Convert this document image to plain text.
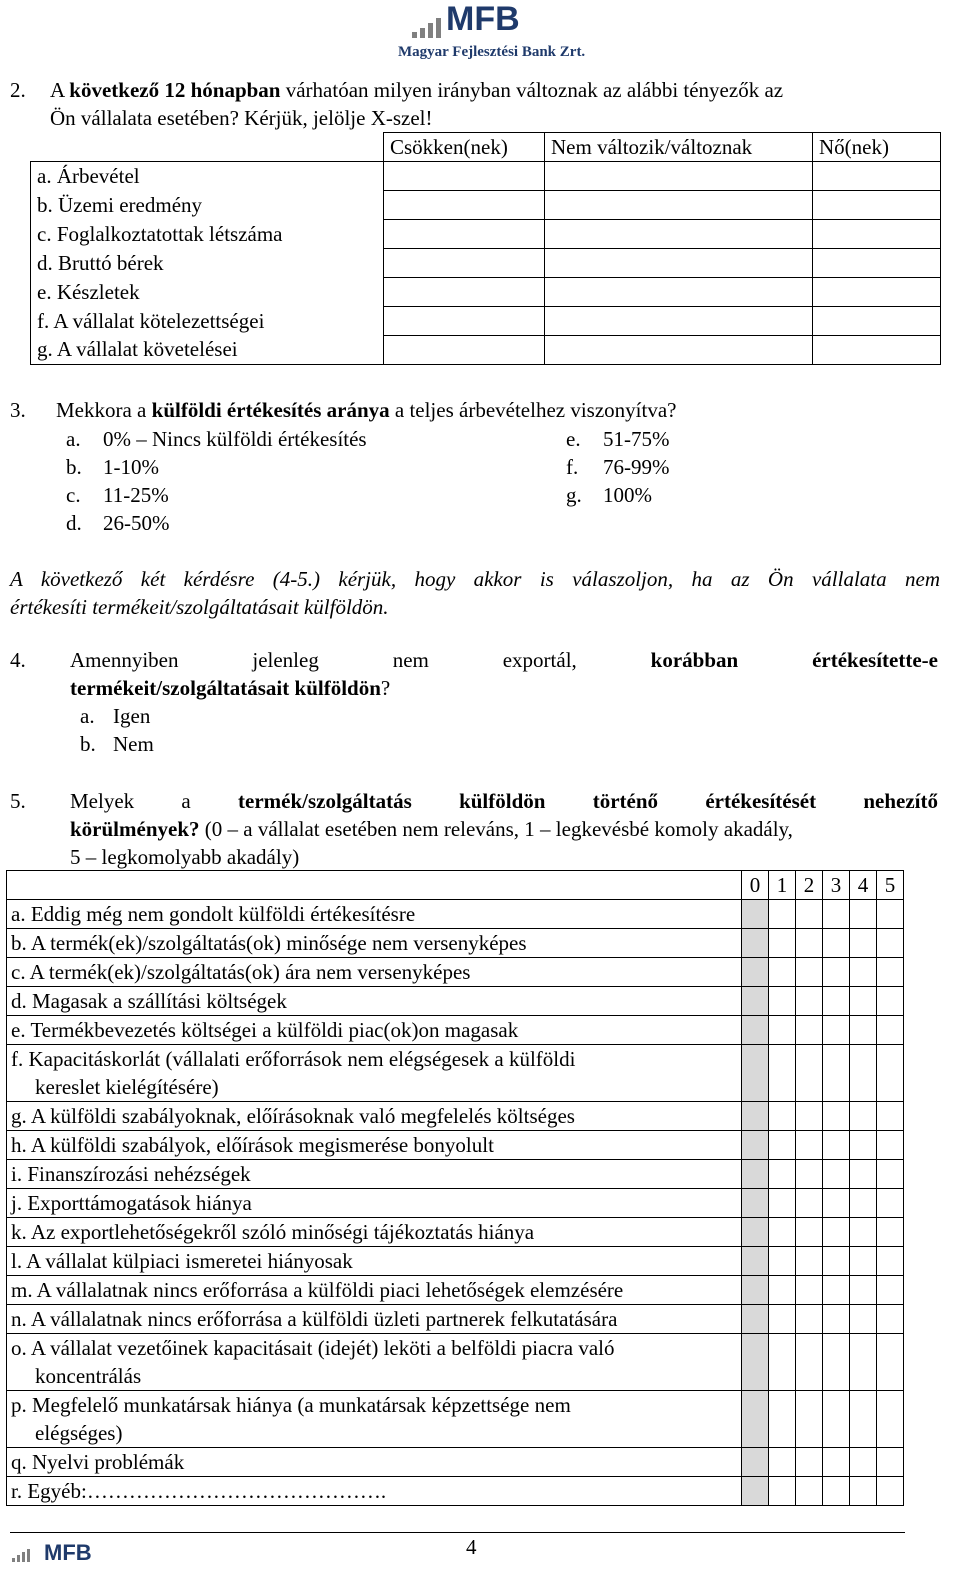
MFB
Magyar Fejlesztési Bank Zrt.
2. A következő 12 hónapban várhatóan milyen irányban változnak az alábbi tényezők az
Ön vállalata esetében? Kérjük, jelölje X-szel!
	Csökken(nek)	Nem változik/változnak	Nő(nek)
a. Árbevétel			
b. Üzemi eredmény			
c. Foglalkoztatottak létszáma			
d. Bruttó bérek			
e. Készletek			
f. A vállalat kötelezettségei			
g. A vállalat követelései			
3. Mekkora a külföldi értékesítés aránya a teljes árbevételhez viszonyítva?
a. 0% – Nincs külföldi értékesítés
b. 1-10%
c. 11-25%
d. 26-50%
e. 51-75%
f. 76-99%
g. 100%
A következő két kérdésre (4-5.) kérjük, hogy akkor is válaszoljon, ha az Ön vállalata nem
értékesíti termékeit/szolgáltatásait külföldön.
4. Amennyiben	jelenleg	nem	exportál,	korábban	értékesítette-e
termékeit/szolgáltatásait külföldön?
a. Igen
b. Nem
5. Melyek a termék/szolgáltatás külföldön történő értékesítését nehezítő
körülmények? (0 – a vállalat esetében nem releváns, 1 – legkevésbé komoly akadály,
5 – legkomolyabb akadály)
	0	1	2	3	4	5

a. Eddig még nem gondolt külföldi értékesítésre						

b. A termék(ek)/szolgáltatás(ok) minősége nem versenyképes						

c. A termék(ek)/szolgáltatás(ok) ára nem versenyképes						

d. Magasak a szállítási költségek						

e. Termékbevezetés költségei a külföldi piac(ok)on magasak						

f. Kapacitáskorlát (vállalati erőforrások nem elégségesek a külföldi
kereslet kielégítésére)						

g. A külföldi szabályoknak, előírásoknak való megfelelés költséges						

h. A külföldi szabályok, előírások megismerése bonyolult						

i. Finanszírozási nehézségek						

j. Exporttámogatások hiánya						

k. Az exportlehetőségekről szóló minőségi tájékoztatás hiánya						

l. A vállalat külpiaci ismeretei hiányosak						

m. A vállalatnak nincs erőforrása a külföldi piaci lehetőségek elemzésére						

n. A vállalatnak nincs erőforrása a külföldi üzleti partnerek felkutatására						

o. A vállalat vezetőinek kapacitásait (idejét) leköti a belföldi piacra való
koncentrálás						

p. Megfelelő munkatársak hiánya (a munkatársak képzettsége nem
elégséges)						

q. Nyelvi problémák						

r. Egyéb:…………………………………….						

MFB	4
